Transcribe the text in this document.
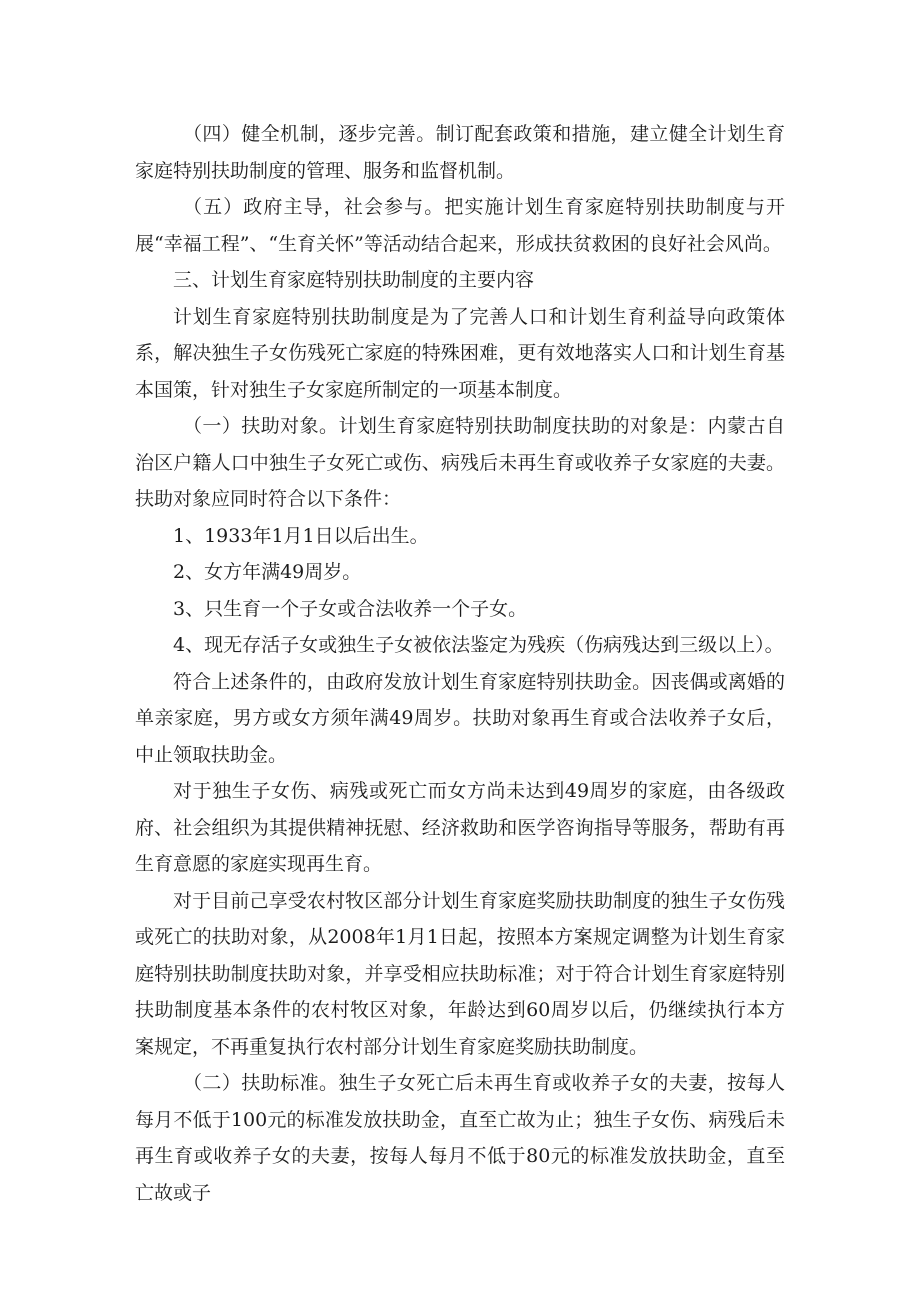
（四）健全机制，逐步完善。制订配套政策和措施，建立健全计划生育家庭特别扶助制度的管理、服务和监督机制。

（五）政府主导，社会参与。把实施计划生育家庭特别扶助制度与开展“幸福工程”、“生育关怀”等活动结合起来，形成扶贫救困的良好社会风尚。

三、计划生育家庭特别扶助制度的主要内容

计划生育家庭特别扶助制度是为了完善人口和计划生育利益导向政策体系，解决独生子女伤残死亡家庭的特殊困难，更有效地落实人口和计划生育基本国策，针对独生子女家庭所制定的一项基本制度。

（一）扶助对象。计划生育家庭特别扶助制度扶助的对象是：内蒙古自治区户籍人口中独生子女死亡或伤、病残后未再生育或收养子女家庭的夫妻。扶助对象应同时符合以下条件：

1、1933年1月1日以后出生。

2、女方年满49周岁。

3、只生育一个子女或合法收养一个子女。

4、现无存活子女或独生子女被依法鉴定为残疾（伤病残达到三级以上）。

符合上述条件的，由政府发放计划生育家庭特别扶助金。因丧偶或离婚的单亲家庭，男方或女方须年满49周岁。扶助对象再生育或合法收养子女后，中止领取扶助金。

对于独生子女伤、病残或死亡而女方尚未达到49周岁的家庭，由各级政府、社会组织为其提供精神抚慰、经济救助和医学咨询指导等服务，帮助有再生育意愿的家庭实现再生育。

对于目前己享受农村牧区部分计划生育家庭奖励扶助制度的独生子女伤残或死亡的扶助对象，从2008年1月1日起，按照本方案规定调整为计划生育家庭特别扶助制度扶助对象，并享受相应扶助标准；对于符合计划生育家庭特别扶助制度基本条件的农村牧区对象，年龄达到60周岁以后，仍继续执行本方案规定，不再重复执行农村部分计划生育家庭奖励扶助制度。

（二）扶助标准。独生子女死亡后未再生育或收养子女的夫妻，按每人每月不低于100元的标准发放扶助金，直至亡故为止；独生子女伤、病残后未再生育或收养子女的夫妻，按每人每月不低于80元的标准发放扶助金，直至亡故或子
